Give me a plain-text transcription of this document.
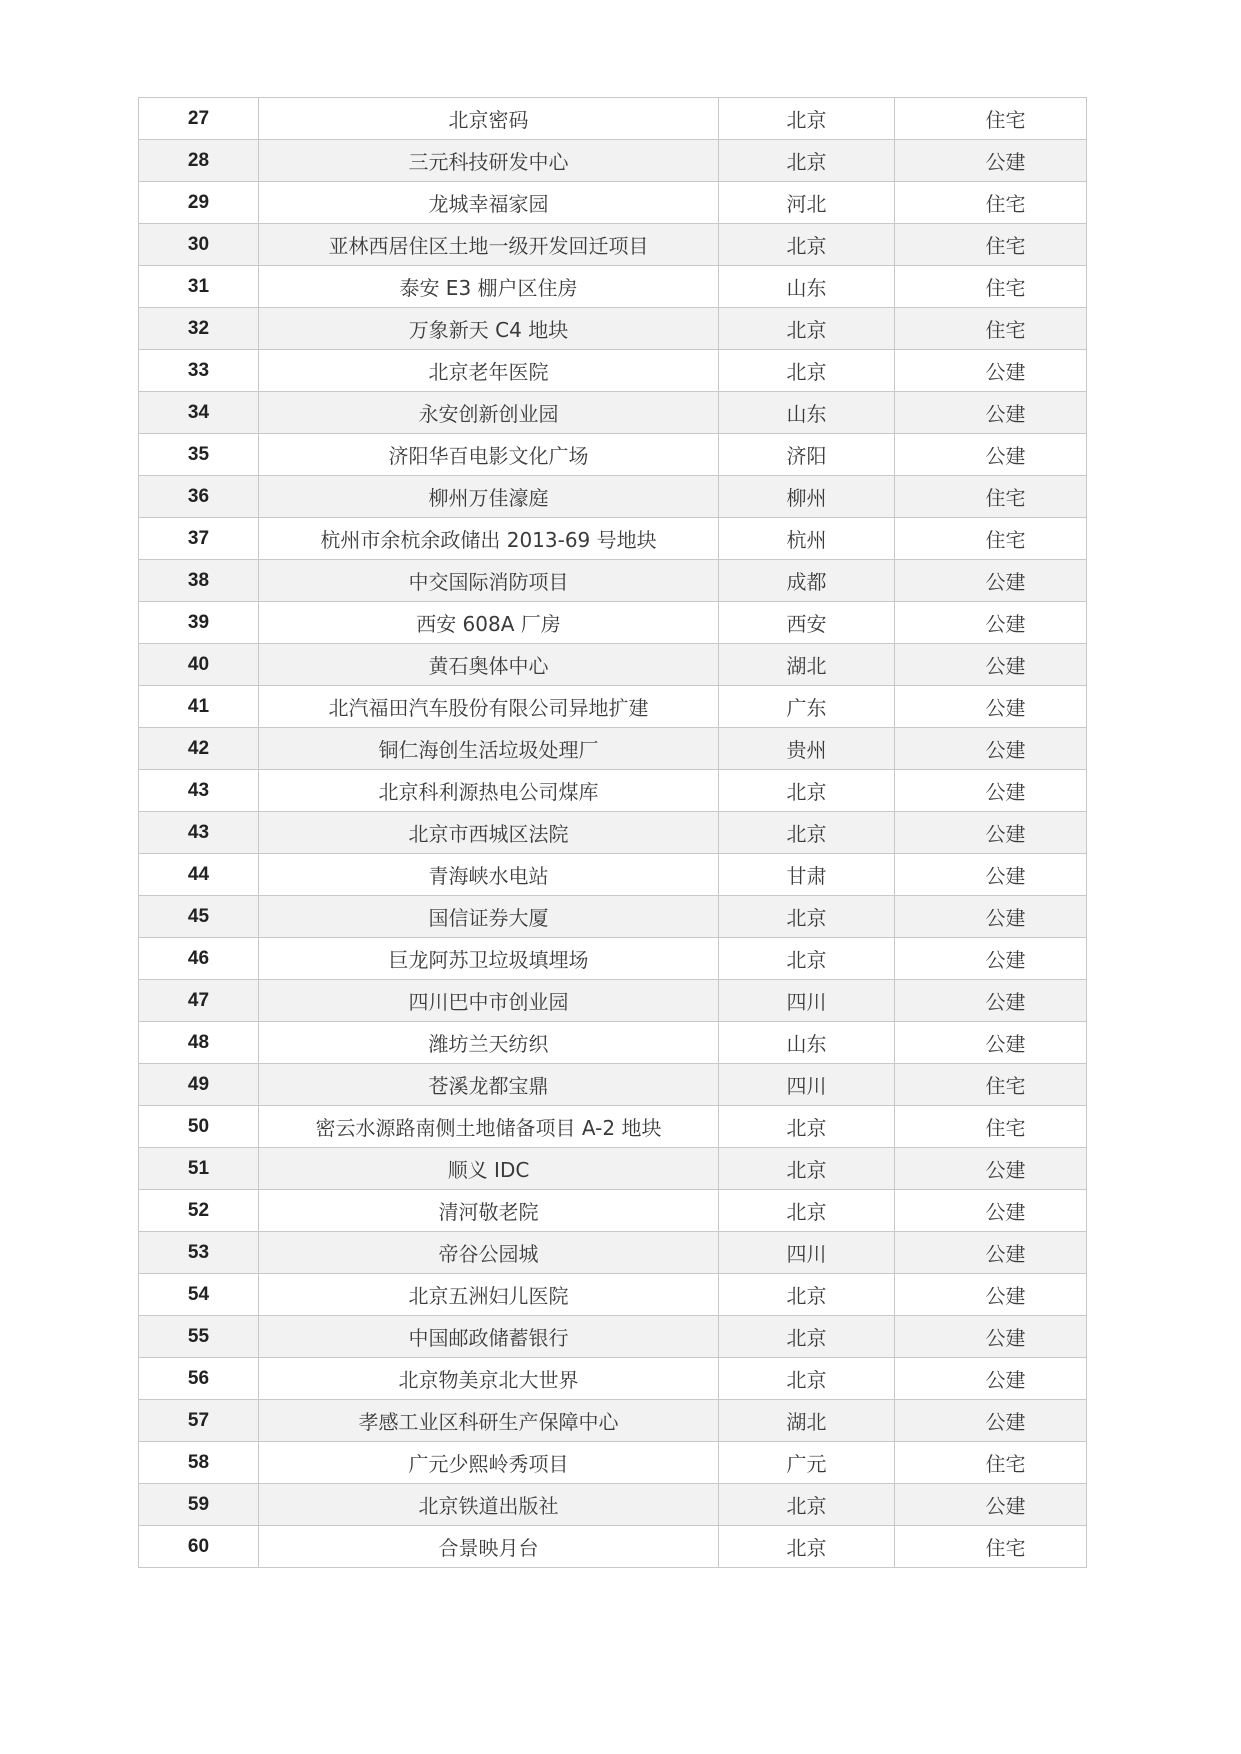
27	北京密码	北京	住宅
28	三元科技研发中心	北京	公建
29	龙城幸福家园	河北	住宅
30	亚林西居住区土地一级开发回迁项目	北京	住宅
31	泰安 E3 棚户区住房	山东	住宅
32	万象新天 C4 地块	北京	住宅
33	北京老年医院	北京	公建
34	永安创新创业园	山东	公建
35	济阳华百电影文化广场	济阳	公建
36	柳州万佳濠庭	柳州	住宅
37	杭州市余杭余政储出 2013-69 号地块	杭州	住宅
38	中交国际消防项目	成都	公建
39	西安 608A 厂房	西安	公建
40	黄石奥体中心	湖北	公建
41	北汽福田汽车股份有限公司异地扩建	广东	公建
42	铜仁海创生活垃圾处理厂	贵州	公建
43	北京科利源热电公司煤库	北京	公建
43	北京市西城区法院	北京	公建
44	青海峡水电站	甘肃	公建
45	国信证券大厦	北京	公建
46	巨龙阿苏卫垃圾填埋场	北京	公建
47	四川巴中市创业园	四川	公建
48	潍坊兰天纺织	山东	公建
49	苍溪龙都宝鼎	四川	住宅
50	密云水源路南侧土地储备项目 A-2 地块	北京	住宅
51	顺义 IDC	北京	公建
52	清河敬老院	北京	公建
53	帝谷公园城	四川	公建
54	北京五洲妇儿医院	北京	公建
55	中国邮政储蓄银行	北京	公建
56	北京物美京北大世界	北京	公建
57	孝感工业区科研生产保障中心	湖北	公建
58	广元少熙岭秀项目	广元	住宅
59	北京铁道出版社	北京	公建
60	合景映月台	北京	住宅
